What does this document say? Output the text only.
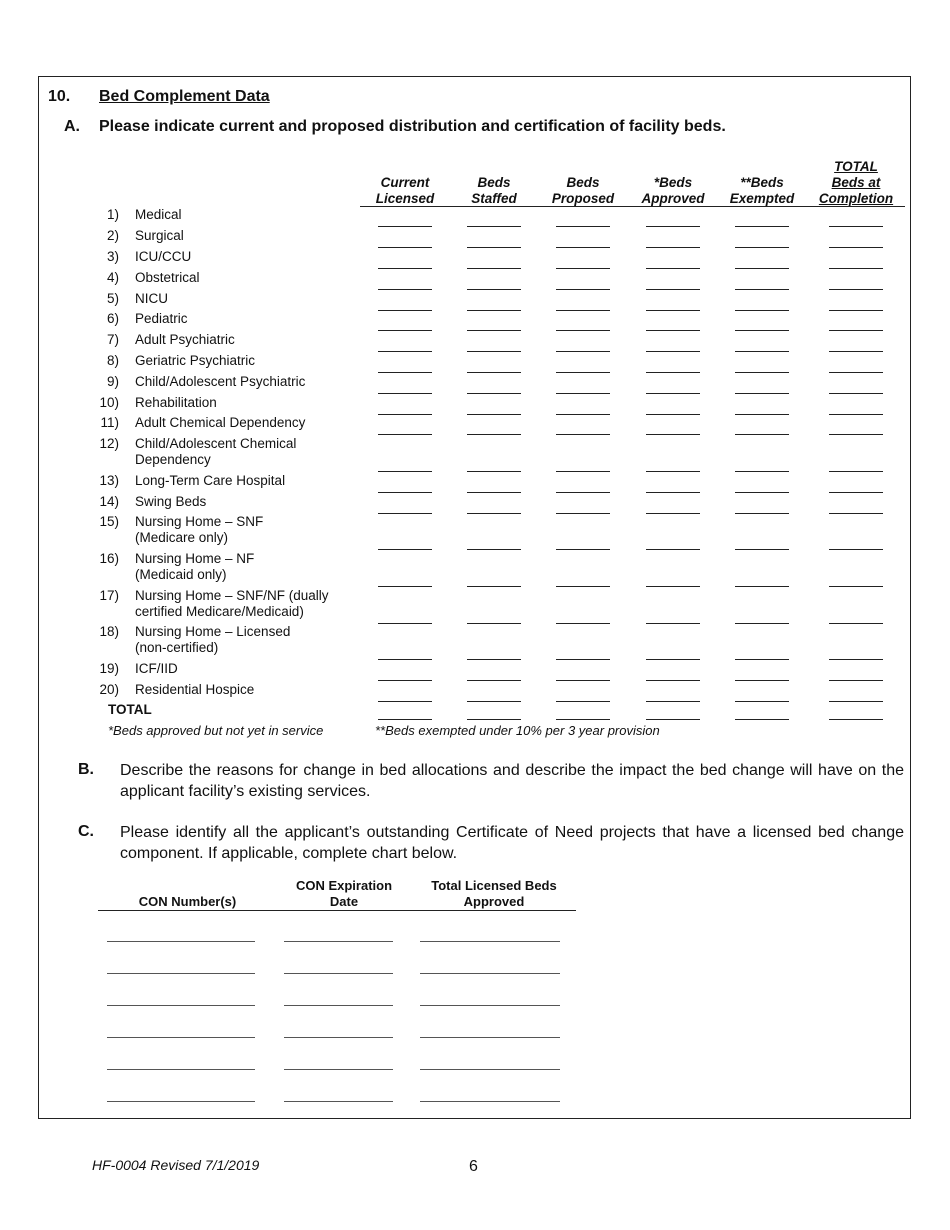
10. Bed Complement Data
A. Please indicate current and proposed distribution and certification of facility beds.
Current
Licensed
Beds
Staffed
Beds
Proposed
*Beds
Approved
**Beds
Exempted
TOTAL
Beds at
Completion
1) Medical
2) Surgical
3) ICU/CCU
4) Obstetrical
5) NICU
6) Pediatric
7) Adult Psychiatric
8) Geriatric Psychiatric
9) Child/Adolescent Psychiatric
10) Rehabilitation
11) Adult Chemical Dependency
12) Child/Adolescent Chemical
Dependency
13) Long-Term Care Hospital
14) Swing Beds
15) Nursing Home – SNF
(Medicare only)
16) Nursing Home – NF
(Medicaid only)
17) Nursing Home – SNF/NF (dually
certified Medicare/Medicaid)
18) Nursing Home – Licensed
(non-certified)
19) ICF/IID
20) Residential Hospice
TOTAL
*Beds approved but not yet in service	**Beds exempted under 10% per 3 year provision
B. Describe the reasons for change in bed allocations and describe the impact the bed change will have on the applicant facility’s existing services.
C. Please identify all the applicant’s outstanding Certificate of Need projects that have a licensed bed change component. If applicable, complete chart below.
CON Number(s)
CON Expiration
Date
Total Licensed Beds
Approved
HF-0004 Revised 7/1/2019	6
